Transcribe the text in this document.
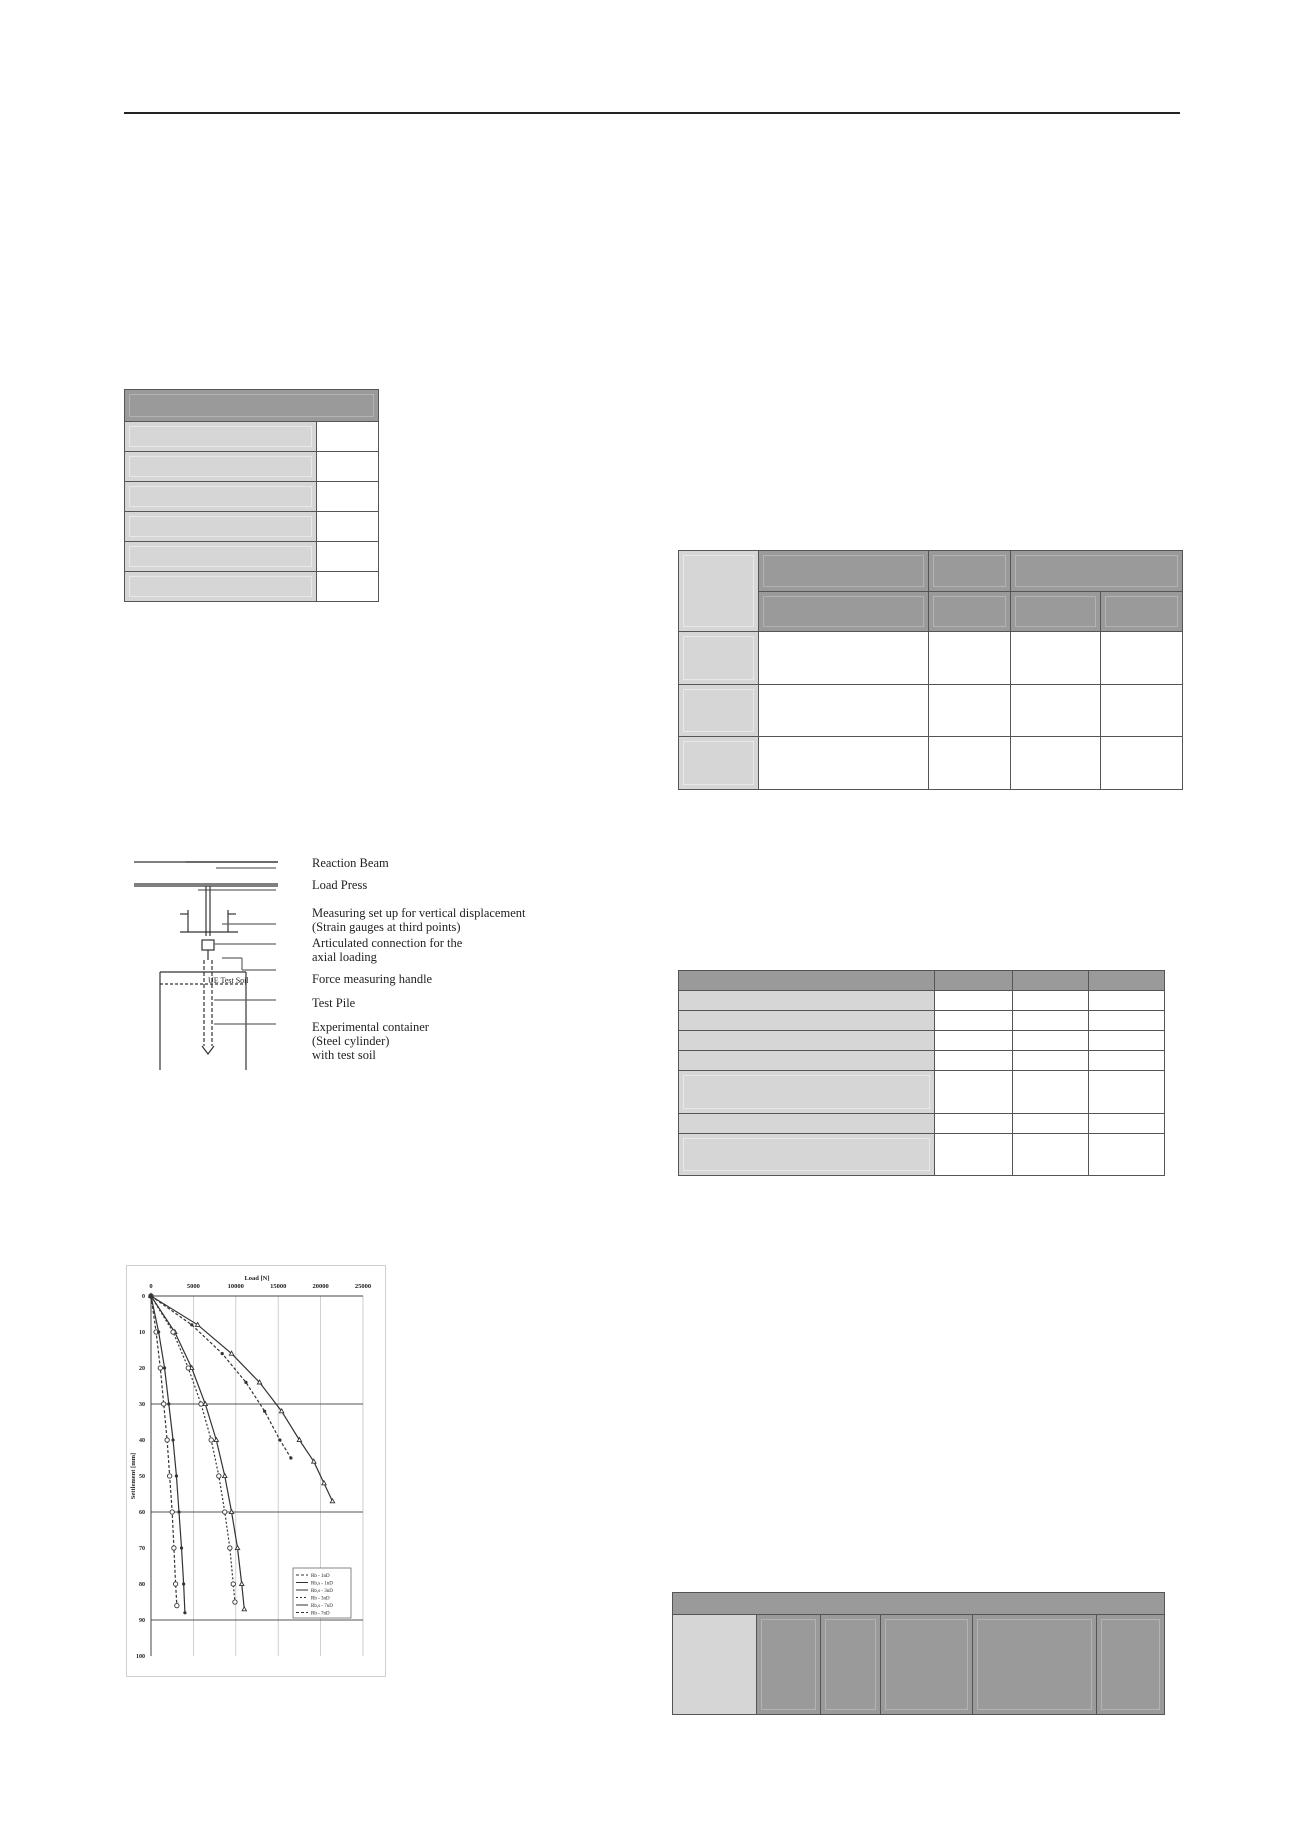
UE Test Soil
Reaction Beam
Load Press
Measuring set up for vertical displacement
(Strain gauges at third points)
Articulated connection for the
axial loading
Force measuring handle
Test Pile
Experimental container
(Steel cylinder)
with test soil
0	5000	10000	15000	20000	25000
0
10
20
30
40
50
60
70
80
90
100
Load [N]
Settlement [mm]
Rb - 1nD
Rb,s - 1nD
Rb,s - 3nD
Rb - 3nD
Rb,s - 7nD
Rb - 7nD
